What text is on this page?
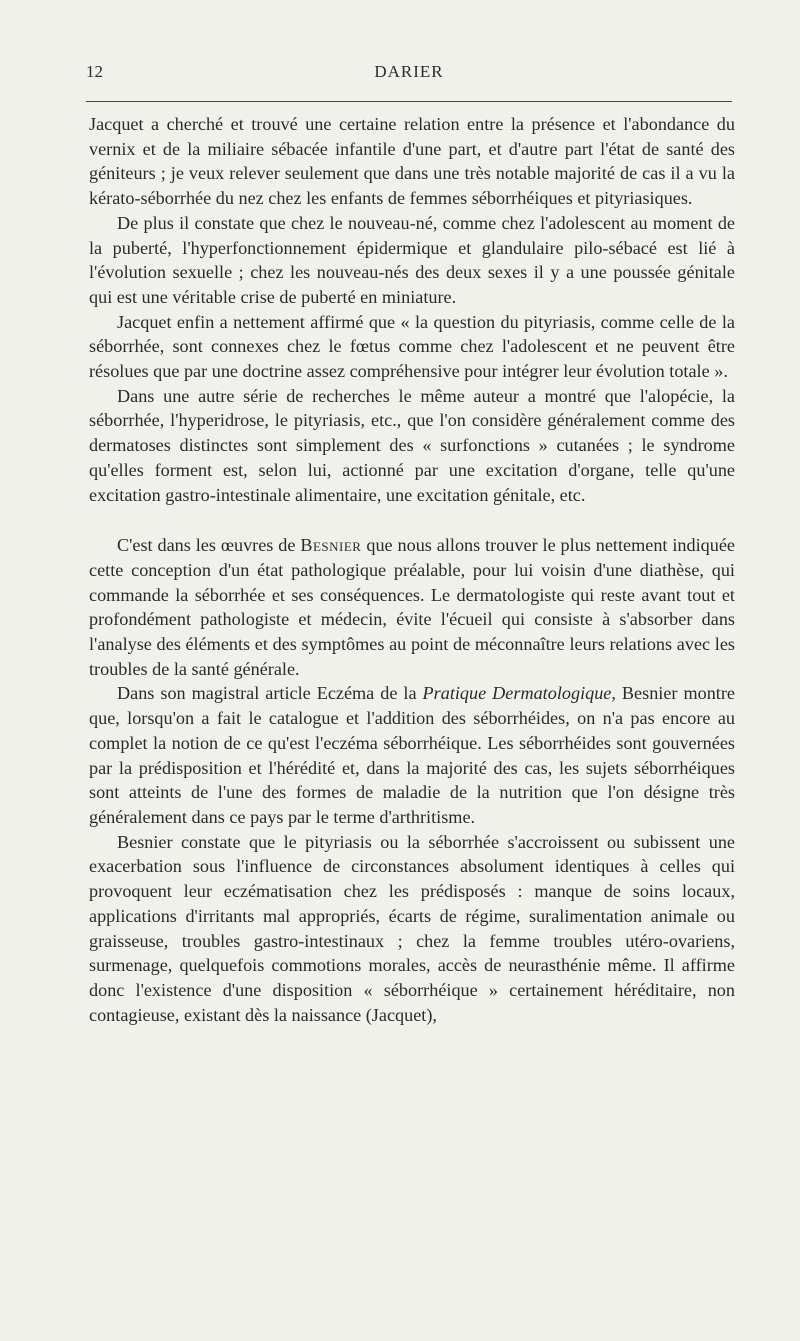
12	DARIER

Jacquet a cherché et trouvé une certaine relation entre la présence et l'abondance du vernix et de la miliaire sébacée infantile d'une part, et d'autre part l'état de santé des géniteurs ; je veux relever seulement que dans une très notable majorité de cas il a vu la kérato-séborrhée du nez chez les enfants de femmes séborrhéiques et pityriasiques.

De plus il constate que chez le nouveau-né, comme chez l'adolescent au moment de la puberté, l'hyperfonctionnement épidermique et glandulaire pilo-sébacé est lié à l'évolution sexuelle ; chez les nouveau-nés des deux sexes il y a une poussée génitale qui est une véritable crise de puberté en miniature.

Jacquet enfin a nettement affirmé que « la question du pityriasis, comme celle de la séborrhée, sont connexes chez le fœtus comme chez l'adolescent et ne peuvent être résolues que par une doctrine assez compréhensive pour intégrer leur évolution totale ».

Dans une autre série de recherches le même auteur a montré que l'alopécie, la séborrhée, l'hyperidrose, le pityriasis, etc., que l'on considère généralement comme des dermatoses distinctes sont simplement des « surfonctions » cutanées ; le syndrome qu'elles forment est, selon lui, actionné par une excitation d'organe, telle qu'une excitation gastro-intestinale alimentaire, une excitation génitale, etc.

C'est dans les œuvres de Besnier que nous allons trouver le plus nettement indiquée cette conception d'un état pathologique préalable, pour lui voisin d'une diathèse, qui commande la séborrhée et ses conséquences. Le dermatologiste qui reste avant tout et profondément pathologiste et médecin, évite l'écueil qui consiste à s'absorber dans l'analyse des éléments et des symptômes au point de méconnaître leurs relations avec les troubles de la santé générale.

Dans son magistral article Eczéma de la Pratique Dermatologique, Besnier montre que, lorsqu'on a fait le catalogue et l'addition des séborrhéides, on n'a pas encore au complet la notion de ce qu'est l'eczéma séborrhéique. Les séborrhéides sont gouvernées par la prédisposition et l'hérédité et, dans la majorité des cas, les sujets séborrhéiques sont atteints de l'une des formes de maladie de la nutrition que l'on désigne très généralement dans ce pays par le terme d'arthritisme.

Besnier constate que le pityriasis ou la séborrhée s'accroissent ou subissent une exacerbation sous l'influence de circonstances absolument identiques à celles qui provoquent leur eczématisation chez les prédisposés : manque de soins locaux, applications d'irritants mal appropriés, écarts de régime, suralimentation animale ou graisseuse, troubles gastro-intestinaux ; chez la femme troubles utéro-ovariens, surmenage, quelquefois commotions morales, accès de neurasthénie même. Il affirme donc l'existence d'une disposition « séborrhéique » certainement héréditaire, non contagieuse, existant dès la naissance (Jacquet),
